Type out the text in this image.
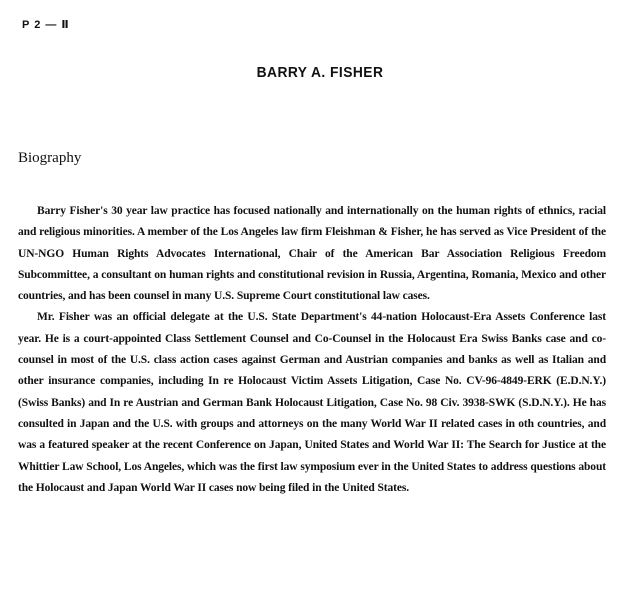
P 2 — Ⅱ
BARRY A. FISHER
Biography

Barry Fisher's 30 year law practice has focused nationally and internationally on the human rights of ethnics, racial and religious minorities. A member of the Los Angeles law firm Fleishman & Fisher, he has served as Vice President of the UN-NGO Human Rights Advocates International, Chair of the American Bar Association Religious Freedom Subcommittee, a consultant on human rights and constitutional revision in Russia, Argentina, Romania, Mexico and other countries, and has been counsel in many U.S. Supreme Court constitutional law cases.

Mr. Fisher was an official delegate at the U.S. State Department's 44-nation Holocaust-Era Assets Conference last year. He is a court-appointed Class Settlement Counsel and Co-Counsel in the Holocaust Era Swiss Banks case and co-counsel in most of the U.S. class action cases against German and Austrian companies and banks as well as Italian and other insurance companies, including In re Holocaust Victim Assets Litigation, Case No. CV-96-4849-ERK (E.D.N.Y.) (Swiss Banks) and In re Austrian and German Bank Holocaust Litigation, Case No. 98 Civ. 3938-SWK (S.D.N.Y.). He has consulted in Japan and the U.S. with groups and attorneys on the many World War II related cases in oth countries, and was a featured speaker at the recent Conference on Japan, United States and World War II: The Search for Justice at the Whittier Law School, Los Angeles, which was the first law symposium ever in the United States to address questions about the Holocaust and Japan World War II cases now being filed in the United States.
